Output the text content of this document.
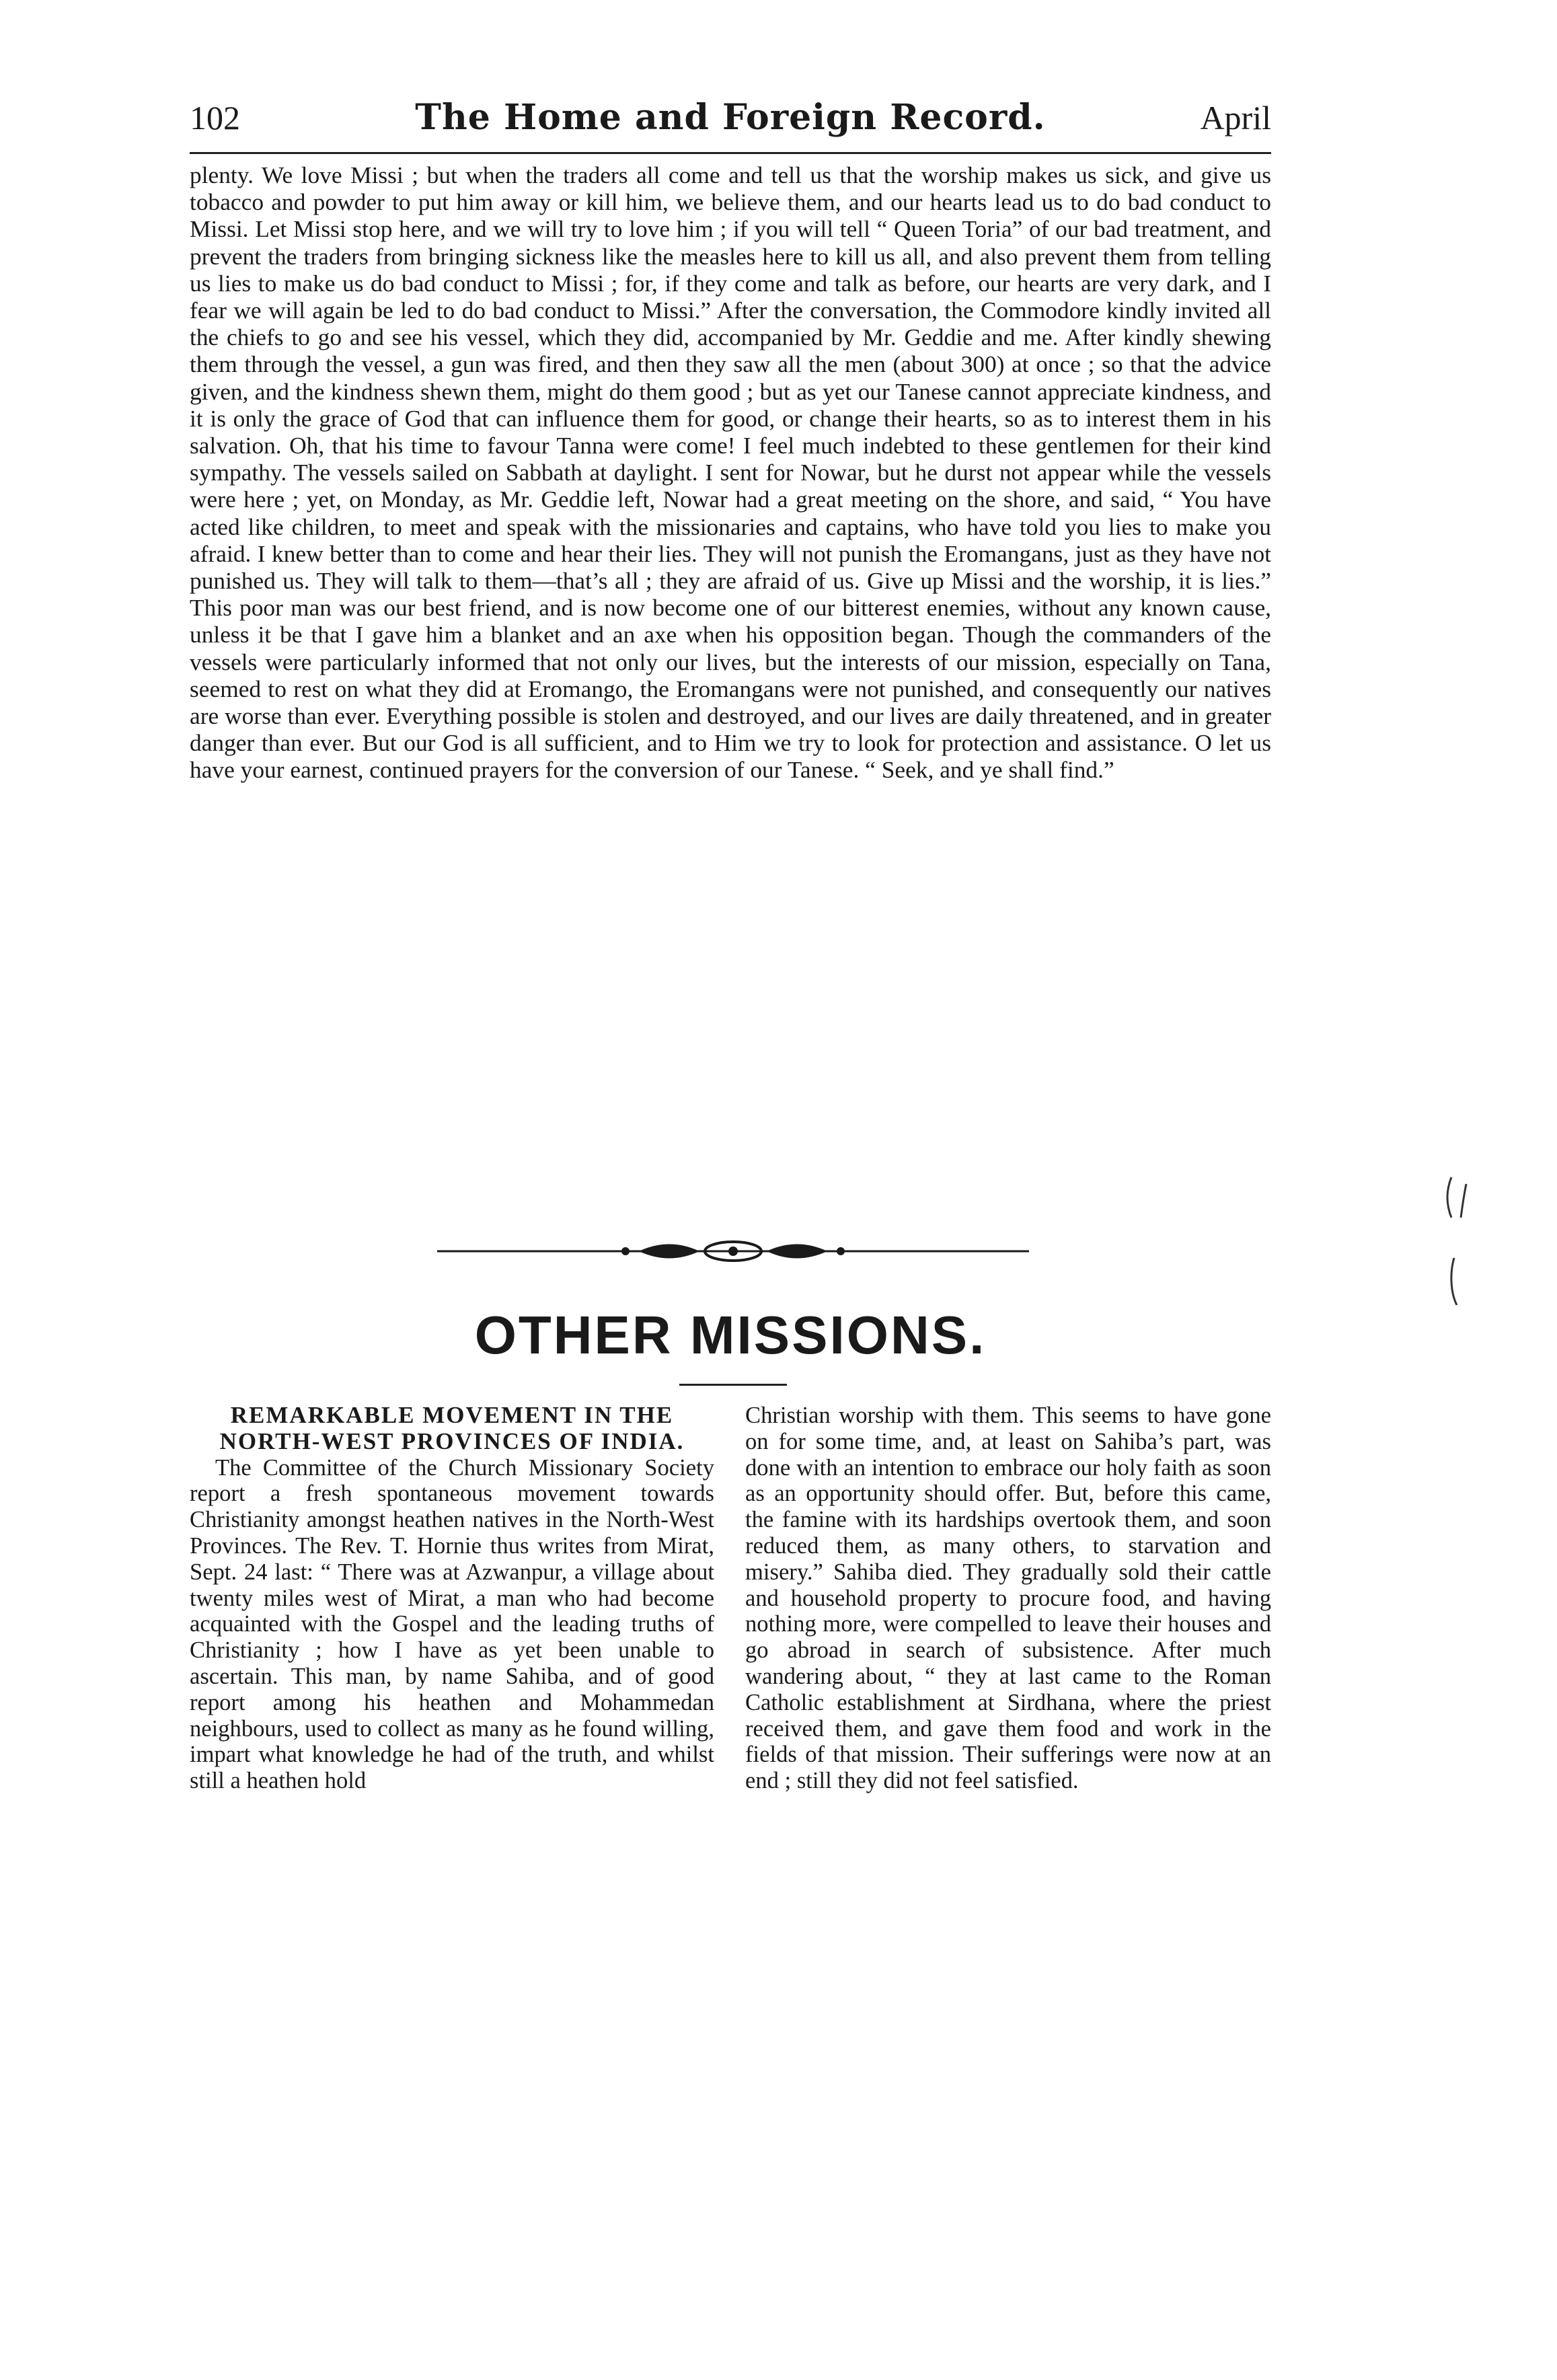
102	The Home and Foreign Record.	April

plenty. We love Missi ; but when the traders all come and tell us that the worship makes us sick, and give us tobacco and powder to put him away or kill him, we believe them, and our hearts lead us to do bad conduct to Missi. Let Missi stop here, and we will try to love him ; if you will tell “ Queen Toria” of our bad treatment, and prevent the traders from bringing sickness like the measles here to kill us all, and also prevent them from telling us lies to make us do bad conduct to Missi ; for, if they come and talk as before, our hearts are very dark, and I fear we will again be led to do bad conduct to Missi.” After the conversation, the Commodore kindly invited all the chiefs to go and see his vessel, which they did, accompanied by Mr. Geddie and me. After kindly shewing them through the vessel, a gun was fired, and then they saw all the men (about 300) at once ; so that the advice given, and the kindness shewn them, might do them good ; but as yet our Tanese cannot appreciate kindness, and it is only the grace of God that can influence them for good, or change their hearts, so as to interest them in his salvation. Oh, that his time to favour Tanna were come! I feel much indebted to these gentlemen for their kind sympathy. The vessels sailed on Sabbath at daylight. I sent for Nowar, but he durst not appear while the vessels were here ; yet, on Monday, as Mr. Geddie left, Nowar had a great meeting on the shore, and said, “ You have acted like children, to meet and speak with the missionaries and captains, who have told you lies to make you afraid. I knew better than to come and hear their lies. They will not punish the Eromangans, just as they have not punished us. They will talk to them—that’s all ; they are afraid of us. Give up Missi and the worship, it is lies.” This poor man was our best friend, and is now become one of our bitterest enemies, without any known cause, unless it be that I gave him a blanket and an axe when his opposition began. Though the commanders of the vessels were particularly informed that not only our lives, but the interests of our mission, especially on Tana, seemed to rest on what they did at Eromango, the Eromangans were not punished, and consequently our natives are worse than ever. Everything possible is stolen and destroyed, and our lives are daily threatened, and in greater danger than ever. But our God is all sufficient, and to Him we try to look for protection and assistance. O let us have your earnest, continued prayers for the conversion of our Tanese. “ Seek, and ye shall find.”

OTHER MISSIONS.
REMARKABLE MOVEMENT IN THE NORTH-WEST PROVINCES OF INDIA.

The Committee of the Church Missionary Society report a fresh spontaneous movement towards Christianity amongst heathen natives in the North-West Provinces. The Rev. T. Hornie thus writes from Mirat, Sept. 24 last: “ There was at Azwanpur, a village about twenty miles west of Mirat, a man who had become acquainted with the Gospel and the leading truths of Christianity ; how I have as yet been unable to ascertain. This man, by name Sahiba, and of good report among his heathen and Mohammedan neighbours, used to collect as many as he found willing, impart what knowledge he had of the truth, and whilst still a heathen hold

Christian worship with them. This seems to have gone on for some time, and, at least on Sahiba’s part, was done with an intention to embrace our holy faith as soon as an opportunity should offer. But, before this came, the famine with its hardships overtook them, and soon reduced them, as many others, to starvation and misery.” Sahiba died. They gradually sold their cattle and household property to procure food, and having nothing more, were compelled to leave their houses and go abroad in search of subsistence. After much wandering about, “ they at last came to the Roman Catholic establishment at Sirdhana, where the priest received them, and gave them food and work in the fields of that mission. Their sufferings were now at an end ; still they did not feel satisfied.
